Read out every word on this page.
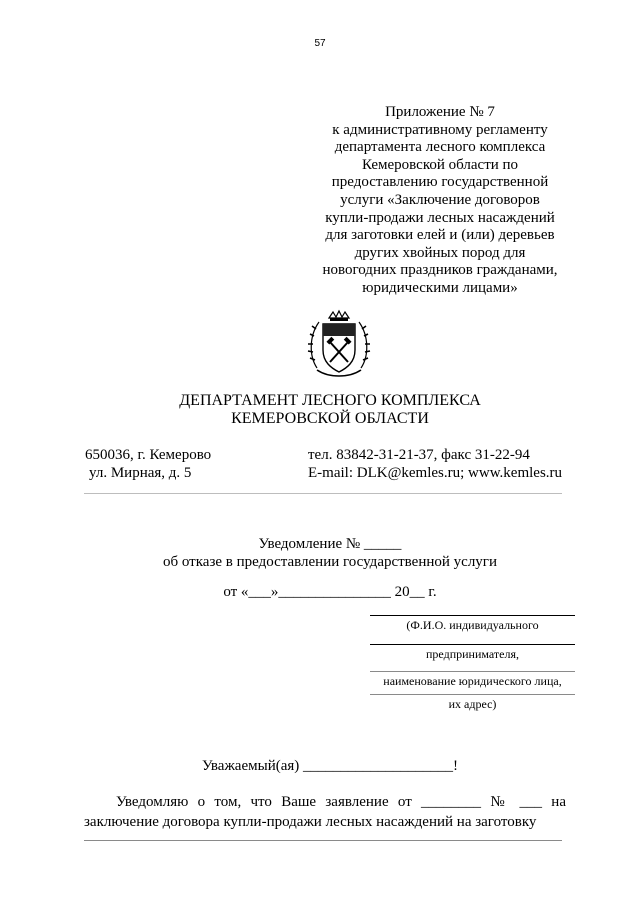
57
Приложение № 7
к административному регламенту
департамента лесного комплекса
Кемеровской области по
предоставлению государственной
услуги «Заключение договоров
купли-продажи лесных насаждений
для заготовки елей и (или) деревьев
других хвойных пород для
новогодних праздников гражданами,
юридическими лицами»
ДЕПАРТАМЕНТ ЛЕСНОГО КОМПЛЕКСА
КЕМЕРОВСКОЙ ОБЛАСТИ
650036, г. Кемерово
ул. Мирная, д. 5
тел. 83842-31-21-37, факс 31-22-94
E-mail: DLK@kemles.ru; www.kemles.ru
Уведомление № _____
об отказе в предоставлении государственной услуги
от «___»_______________ 20__ г.
(Ф.И.О. индивидуального
предпринимателя,
наименование юридического лица,
их адрес)
Уважаемый(ая) ____________________!
Уведомляю о том, что Ваше заявление от ________ № ___ на
заключение договора купли-продажи лесных насаждений на заготовку
